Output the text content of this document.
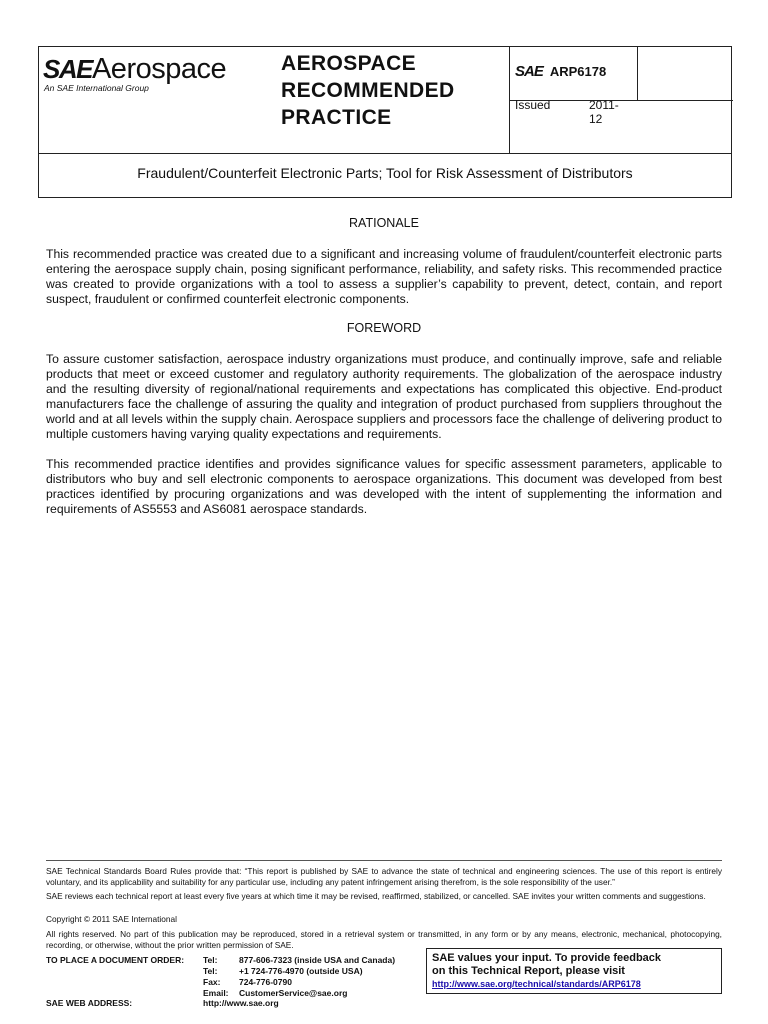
SAEAerospace
An SAE International Group
AEROSPACE
RECOMMENDED
PRACTICE
SAE ARP6178
Issued	2011-12
Fraudulent/Counterfeit Electronic Parts; Tool for Risk Assessment of Distributors
RATIONALE

This recommended practice was created due to a significant and increasing volume of fraudulent/counterfeit electronic parts entering the aerospace supply chain, posing significant performance, reliability, and safety risks. This recommended practice was created to provide organizations with a tool to assess a supplier’s capability to prevent, detect, contain, and report suspect, fraudulent or confirmed counterfeit electronic components.

FOREWORD

To assure customer satisfaction, aerospace industry organizations must produce, and continually improve, safe and reliable products that meet or exceed customer and regulatory authority requirements. The globalization of the aerospace industry and the resulting diversity of regional/national requirements and expectations has complicated this objective. End-product manufacturers face the challenge of assuring the quality and integration of product purchased from suppliers throughout the world and at all levels within the supply chain. Aerospace suppliers and processors face the challenge of delivering product to multiple customers having varying quality expectations and requirements.

This recommended practice identifies and provides significance values for specific assessment parameters, applicable to distributors who buy and sell electronic components to aerospace organizations. This document was developed from best practices identified by procuring organizations and was developed with the intent of supplementing the information and requirements of AS5553 and AS6081 aerospace standards.

SAE Technical Standards Board Rules provide that: “This report is published by SAE to advance the state of technical and engineering sciences. The use of this report is entirely voluntary, and its applicability and suitability for any particular use, including any patent infringement arising therefrom, is the sole responsibility of the user.”

SAE reviews each technical report at least every five years at which time it may be revised, reaffirmed, stabilized, or cancelled. SAE invites your written comments and suggestions.

Copyright © 2011 SAE International

All rights reserved. No part of this publication may be reproduced, stored in a retrieval system or transmitted, in any form or by any means, electronic, mechanical, photocopying, recording, or otherwise, without the prior written permission of SAE.

TO PLACE A DOCUMENT ORDER: Tel:	877-606-7323 (inside USA and Canada)
Tel:	+1 724-776-4970 (outside USA)
Fax: 724-776-0790
Email: CustomerService@sae.org
SAE WEB ADDRESS:	http://www.sae.org
SAE values your input. To provide feedback
on this Technical Report, please visit
http://www.sae.org/technical/standards/ARP6178
